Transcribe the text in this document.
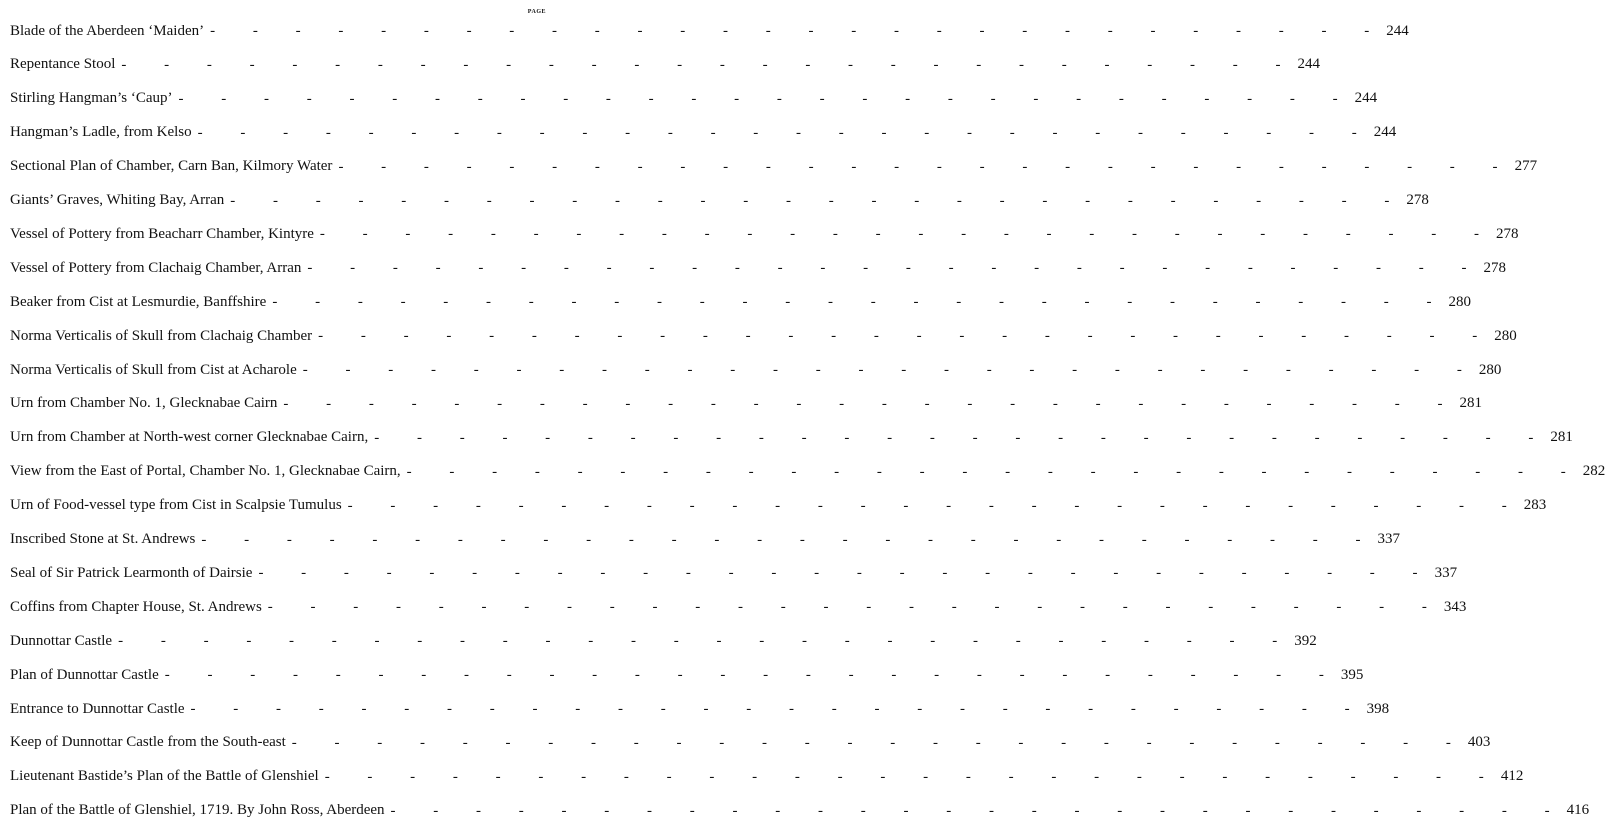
PAGE
Blade of the Aberdeen ‘Maiden’ - - - - - - - - - - - - - - - - - - - - - - - - - - - - 244
Repentance Stool - - - - - - - - - - - - - - - - - - - - - - - - - - - - 244
Stirling Hangman’s ‘Caup’ - - - - - - - - - - - - - - - - - - - - - - - - - - - - 244
Hangman’s Ladle, from Kelso - - - - - - - - - - - - - - - - - - - - - - - - - - - - 244
Sectional Plan of Chamber, Carn Ban, Kilmory Water - - - - - - - - - - - - - - - - - - - - - - - - - - - - 277
Giants’ Graves, Whiting Bay, Arran - - - - - - - - - - - - - - - - - - - - - - - - - - - - 278
Vessel of Pottery from Beacharr Chamber, Kintyre - - - - - - - - - - - - - - - - - - - - - - - - - - - - 278
Vessel of Pottery from Clachaig Chamber, Arran - - - - - - - - - - - - - - - - - - - - - - - - - - - - 278
Beaker from Cist at Lesmurdie, Banffshire - - - - - - - - - - - - - - - - - - - - - - - - - - - - 280
Norma Verticalis of Skull from Clachaig Chamber - - - - - - - - - - - - - - - - - - - - - - - - - - - - 280
Norma Verticalis of Skull from Cist at Acharole - - - - - - - - - - - - - - - - - - - - - - - - - - - - 280
Urn from Chamber No. 1, Glecknabae Cairn - - - - - - - - - - - - - - - - - - - - - - - - - - - - 281
Urn from Chamber at North-west corner Glecknabae Cairn, - - - - - - - - - - - - - - - - - - - - - - - - - - - - 281
View from the East of Portal, Chamber No. 1, Glecknabae Cairn, - - - - - - - - - - - - - - - - - - - - - - - - - - - - 282
Urn of Food-vessel type from Cist in Scalpsie Tumulus - - - - - - - - - - - - - - - - - - - - - - - - - - - - 283
Inscribed Stone at St. Andrews - - - - - - - - - - - - - - - - - - - - - - - - - - - - 337
Seal of Sir Patrick Learmonth of Dairsie - - - - - - - - - - - - - - - - - - - - - - - - - - - - 337
Coffins from Chapter House, St. Andrews - - - - - - - - - - - - - - - - - - - - - - - - - - - - 343
Dunnottar Castle - - - - - - - - - - - - - - - - - - - - - - - - - - - - 392
Plan of Dunnottar Castle - - - - - - - - - - - - - - - - - - - - - - - - - - - - 395
Entrance to Dunnottar Castle - - - - - - - - - - - - - - - - - - - - - - - - - - - - 398
Keep of Dunnottar Castle from the South-east - - - - - - - - - - - - - - - - - - - - - - - - - - - - 403
Lieutenant Bastide’s Plan of the Battle of Glenshiel - - - - - - - - - - - - - - - - - - - - - - - - - - - - 412
Plan of the Battle of Glenshiel, 1719. By John Ross, Aberdeen - - - - - - - - - - - - - - - - - - - - - - - - - - - - 416
